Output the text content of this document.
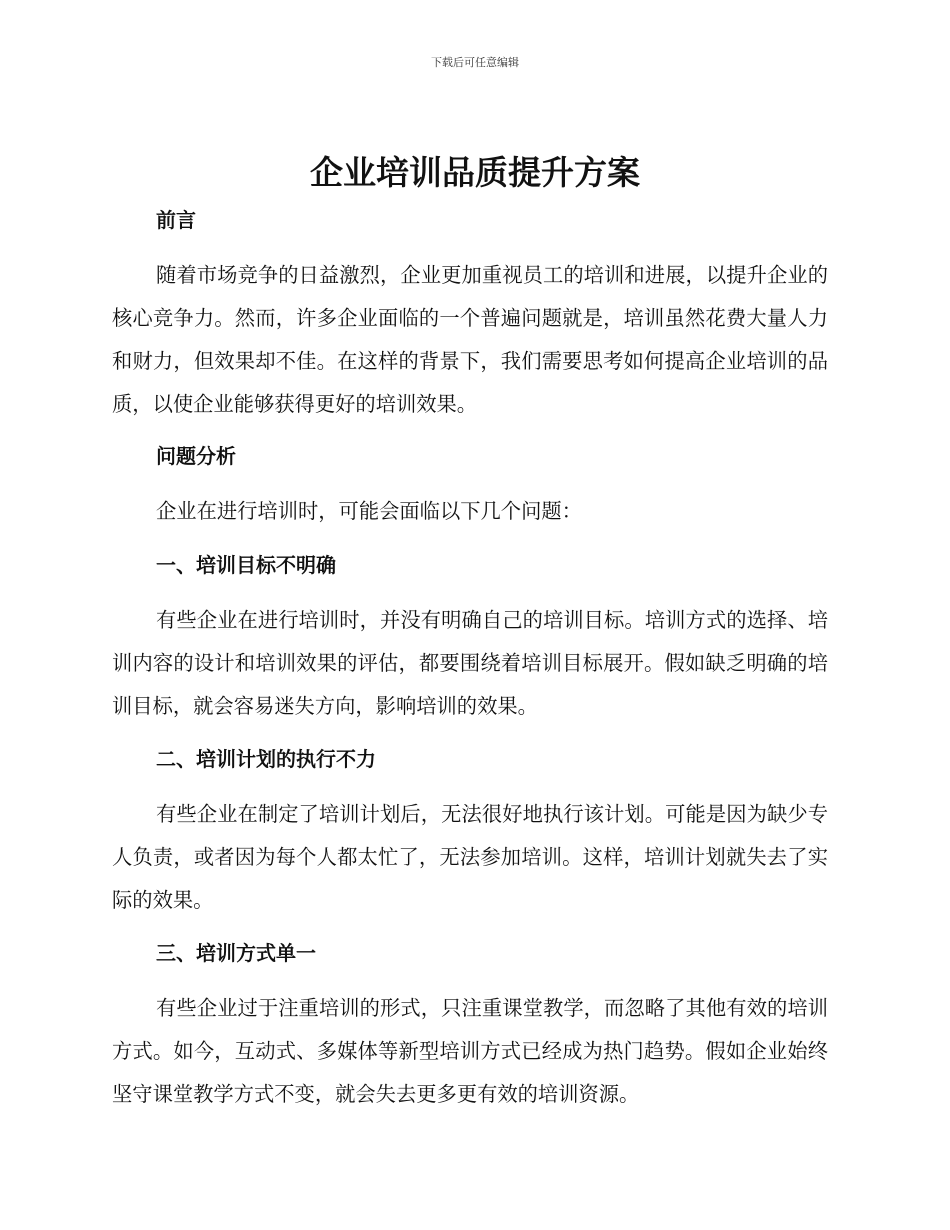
下载后可任意编辑
企业培训品质提升方案
前言

随着市场竞争的日益激烈，企业更加重视员工的培训和进展，以提升企业的核心竞争力。然而，许多企业面临的一个普遍问题就是，培训虽然花费大量人力和财力，但效果却不佳。在这样的背景下，我们需要思考如何提高企业培训的品质，以使企业能够获得更好的培训效果。

问题分析

企业在进行培训时，可能会面临以下几个问题：

一、培训目标不明确

有些企业在进行培训时，并没有明确自己的培训目标。培训方式的选择、培训内容的设计和培训效果的评估，都要围绕着培训目标展开。假如缺乏明确的培训目标，就会容易迷失方向，影响培训的效果。

二、培训计划的执行不力

有些企业在制定了培训计划后，无法很好地执行该计划。可能是因为缺少专人负责，或者因为每个人都太忙了，无法参加培训。这样，培训计划就失去了实际的效果。

三、培训方式单一

有些企业过于注重培训的形式，只注重课堂教学，而忽略了其他有效的培训方式。如今，互动式、多媒体等新型培训方式已经成为热门趋势。假如企业始终坚守课堂教学方式不变，就会失去更多更有效的培训资源。
